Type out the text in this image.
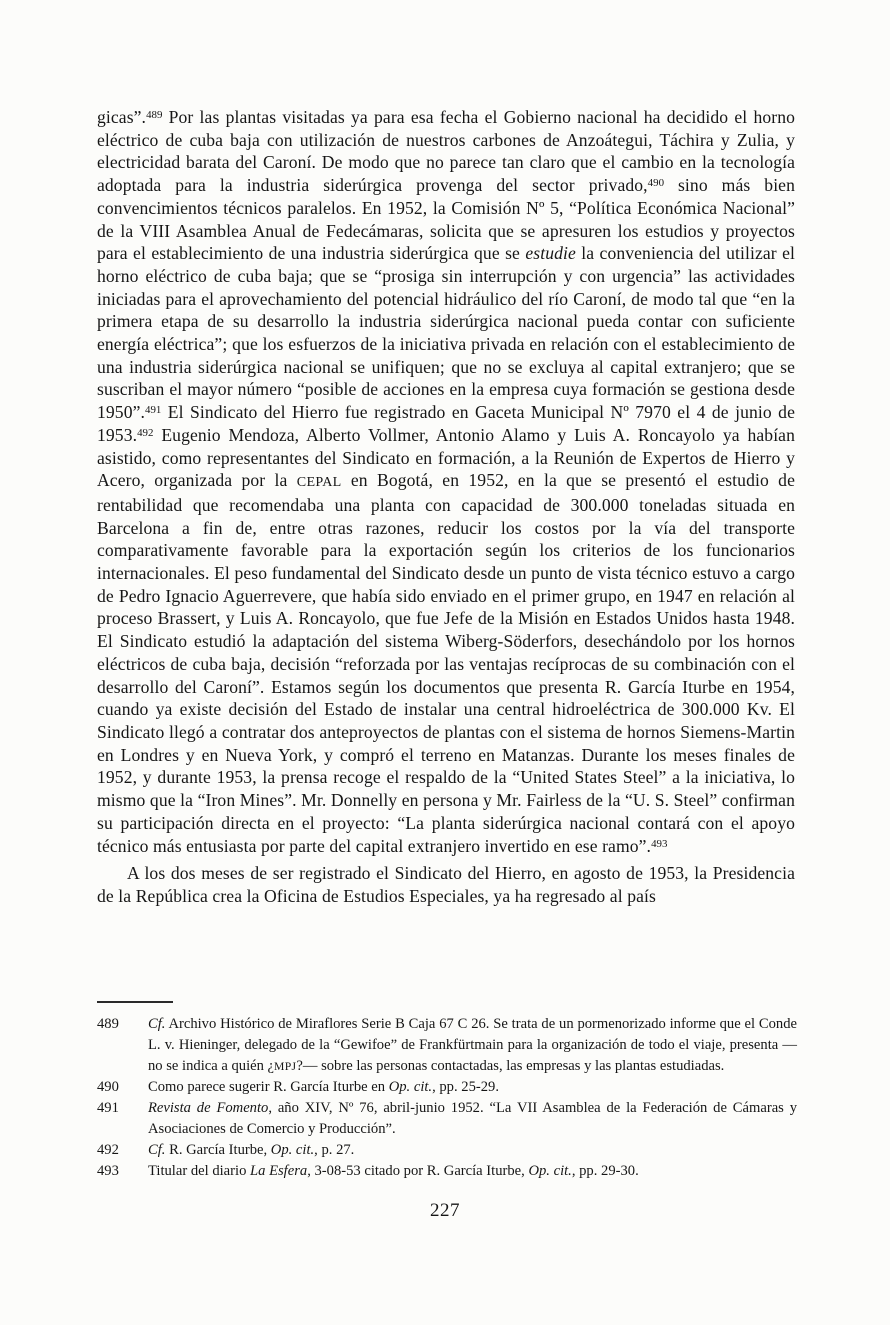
gicas”.$^{489}$ Por las plantas visitadas ya para esa fecha el Gobierno nacional ha decidido el horno eléctrico de cuba baja con utilización de nuestros carbones de Anzoátegui, Táchira y Zulia, y electricidad barata del Caroní. De modo que no parece tan claro que el cambio en la tecnología adoptada para la industria siderúrgica provenga del sector privado,$^{490}$ sino más bien convencimientos técnicos paralelos. En 1952, la Comisión Nº 5, “Política Económica Nacional” de la VIII Asamblea Anual de Fedecámaras, solicita que se apresuren los estudios y proyectos para el establecimiento de una industria siderúrgica que se estudie la conveniencia del utilizar el horno eléctrico de cuba baja; que se “prosiga sin interrupción y con urgencia” las actividades iniciadas para el aprovechamiento del potencial hidráulico del río Caroní, de modo tal que “en la primera etapa de su desarrollo la industria siderúrgica nacional pueda contar con suficiente energía eléctrica”; que los esfuerzos de la iniciativa privada en relación con el establecimiento de una industria siderúrgica nacional se unifiquen; que no se excluya al capital extranjero; que se suscriban el mayor número “posible de acciones en la empresa cuya formación se gestiona desde 1950”.$^{491}$ El Sindicato del Hierro fue registrado en Gaceta Municipal Nº 7970 el 4 de junio de 1953.$^{492}$ Eugenio Mendoza, Alberto Vollmer, Antonio Alamo y Luis A. Roncayolo ya habían asistido, como representantes del Sindicato en formación, a la Reunión de Expertos de Hierro y Acero, organizada por la CEPAL en Bogotá, en 1952, en la que se presentó el estudio de rentabilidad que recomendaba una planta con capacidad de 300.000 toneladas situada en Barcelona a fin de, entre otras razones, reducir los costos por la vía del transporte comparativamente favorable para la exportación según los criterios de los funcionarios internacionales. El peso fundamental del Sindicato desde un punto de vista técnico estuvo a cargo de Pedro Ignacio Aguerrevere, que había sido enviado en el primer grupo, en 1947 en relación al proceso Brassert, y Luis A. Roncayolo, que fue Jefe de la Misión en Estados Unidos hasta 1948. El Sindicato estudió la adaptación del sistema Wiberg-Söderfors, desechándolo por los hornos eléctricos de cuba baja, decisión “reforzada por las ventajas recíprocas de su combinación con el desarrollo del Caroní”. Estamos según los documentos que presenta R. García Iturbe en 1954, cuando ya existe decisión del Estado de instalar una central hidroeléctrica de 300.000 Kv. El Sindicato llegó a contratar dos anteproyectos de plantas con el sistema de hornos Siemens-Martin en Londres y en Nueva York, y compró el terreno en Matanzas. Durante los meses finales de 1952, y durante 1953, la prensa recoge el respaldo de la “United States Steel” a la iniciativa, lo mismo que la “Iron Mines”. Mr. Donnelly en persona y Mr. Fairless de la “U. S. Steel” confirman su participación directa en el proyecto: “La planta siderúrgica nacional contará con el apoyo técnico más entusiasta por parte del capital extranjero invertido en ese ramo”.$^{493}$

A los dos meses de ser registrado el Sindicato del Hierro, en agosto de 1953, la Presidencia de la República crea la Oficina de Estudios Especiales, ya ha regresado al país

489	Cf. Archivo Histórico de Miraflores Serie B Caja 67 C 26. Se trata de un pormenorizado informe que el Conde L. v. Hieninger, delegado de la “Gewifoe” de Frankfürtmain para la organización de todo el viaje, presenta —no se indica a quién ¿MPJ?— sobre las personas contactadas, las empresas y las plantas estudiadas.
490	Como parece sugerir R. García Iturbe en Op. cit., pp. 25-29.
491	Revista de Fomento, año XIV, Nº 76, abril-junio 1952. “La VII Asamblea de la Federación de Cámaras y Asociaciones de Comercio y Producción”.
492	Cf. R. García Iturbe, Op. cit., p. 27.
493	Titular del diario La Esfera, 3-08-53 citado por R. García Iturbe, Op. cit., pp. 29-30.
227
